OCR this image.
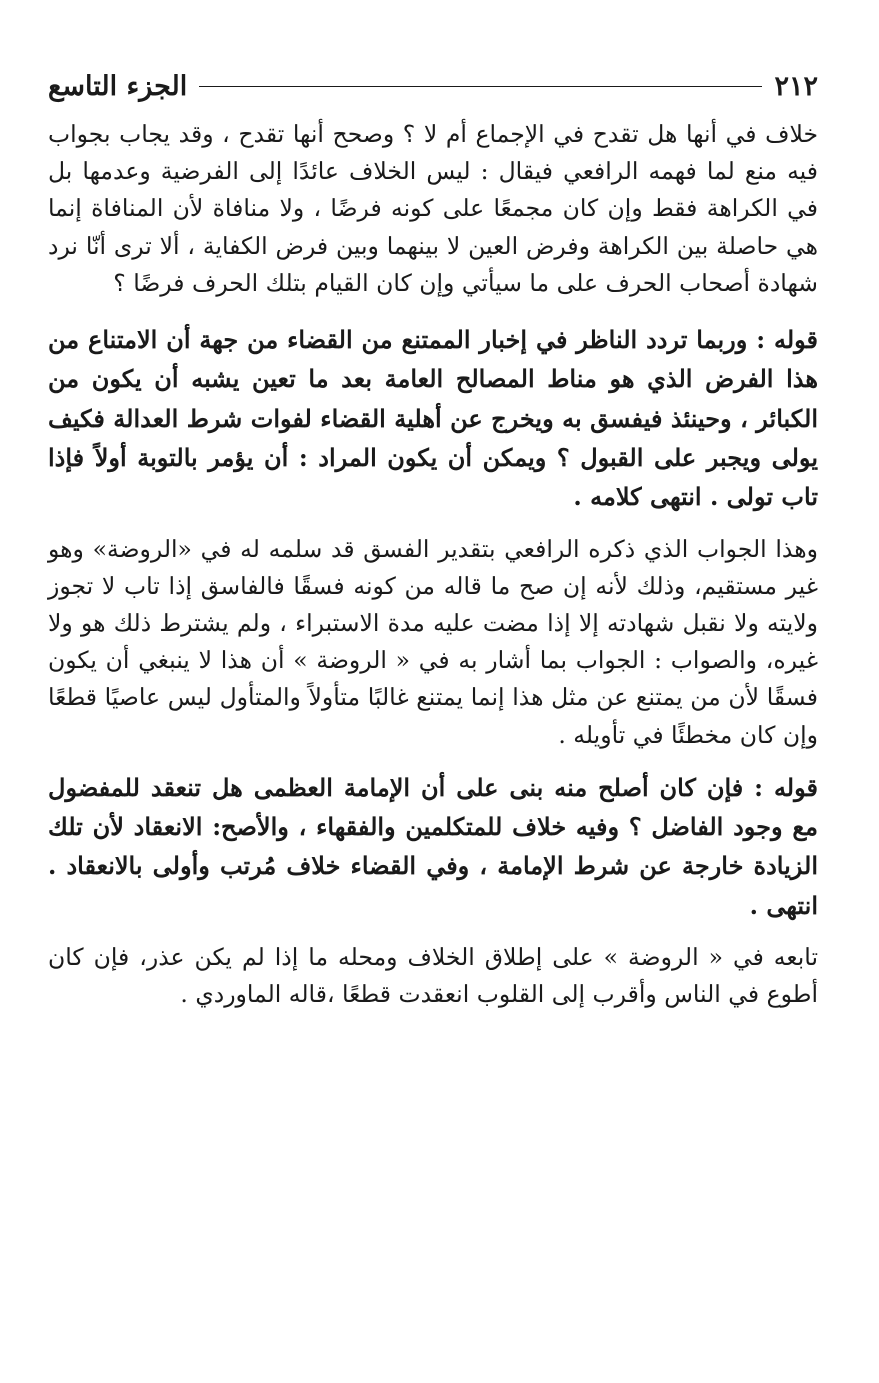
٢١٢
الجزء التاسع

خلاف في أنها هل تقدح في الإجماع أم لا ؟ وصحح أنها تقدح ، وقد يجاب بجواب فيه منع لما فهمه الرافعي فيقال : ليس الخلاف عائدًا إلى الفرضية وعدمها بل في الكراهة فقط وإن كان مجمعًا على كونه فرضًا ، ولا منافاة لأن المنافاة إنما هي حاصلة بين الكراهة وفرض العين لا بينهما وبين فرض الكفاية ، ألا ترى أنّا نرد شهادة أصحاب الحرف على ما سيأتي وإن كان القيام بتلك الحرف فرضًا ؟

قوله : وربما تردد الناظر في إخبار الممتنع من القضاء من جهة أن الامتناع من هذا الفرض الذي هو مناط المصالح العامة بعد ما تعين يشبه أن يكون من الكبائر ، وحينئذ فيفسق به ويخرج عن أهلية القضاء لفوات شرط العدالة فكيف يولى ويجبر على القبول ؟ ويمكن أن يكون المراد : أن يؤمر بالتوبة أولاً فإذا تاب تولى . انتهى كلامه .

وهذا الجواب الذي ذكره الرافعي بتقدير الفسق قد سلمه له في «الروضة» وهو غير مستقيم، وذلك لأنه إن صح ما قاله من كونه فسقًا فالفاسق إذا تاب لا تجوز ولايته ولا نقبل شهادته إلا إذا مضت عليه مدة الاستبراء ، ولم يشترط ذلك هو ولا غيره، والصواب : الجواب بما أشار به في « الروضة » أن هذا لا ينبغي أن يكون فسقًا لأن من يمتنع عن مثل هذا إنما يمتنع غالبًا متأولاً والمتأول ليس عاصيًا قطعًا وإن كان مخطئًا في تأويله .

قوله : فإن كان أصلح منه بنى على أن الإمامة العظمى هل تنعقد للمفضول مع وجود الفاضل ؟ وفيه خلاف للمتكلمين والفقهاء ، والأصح: الانعقاد لأن تلك الزيادة خارجة عن شرط الإمامة ، وفي القضاء خلاف مُرتب وأولى بالانعقاد . انتهى .

تابعه في « الروضة » على إطلاق الخلاف ومحله ما إذا لم يكن عذر، فإن كان أطوع في الناس وأقرب إلى القلوب انعقدت قطعًا ،قاله الماوردي .
